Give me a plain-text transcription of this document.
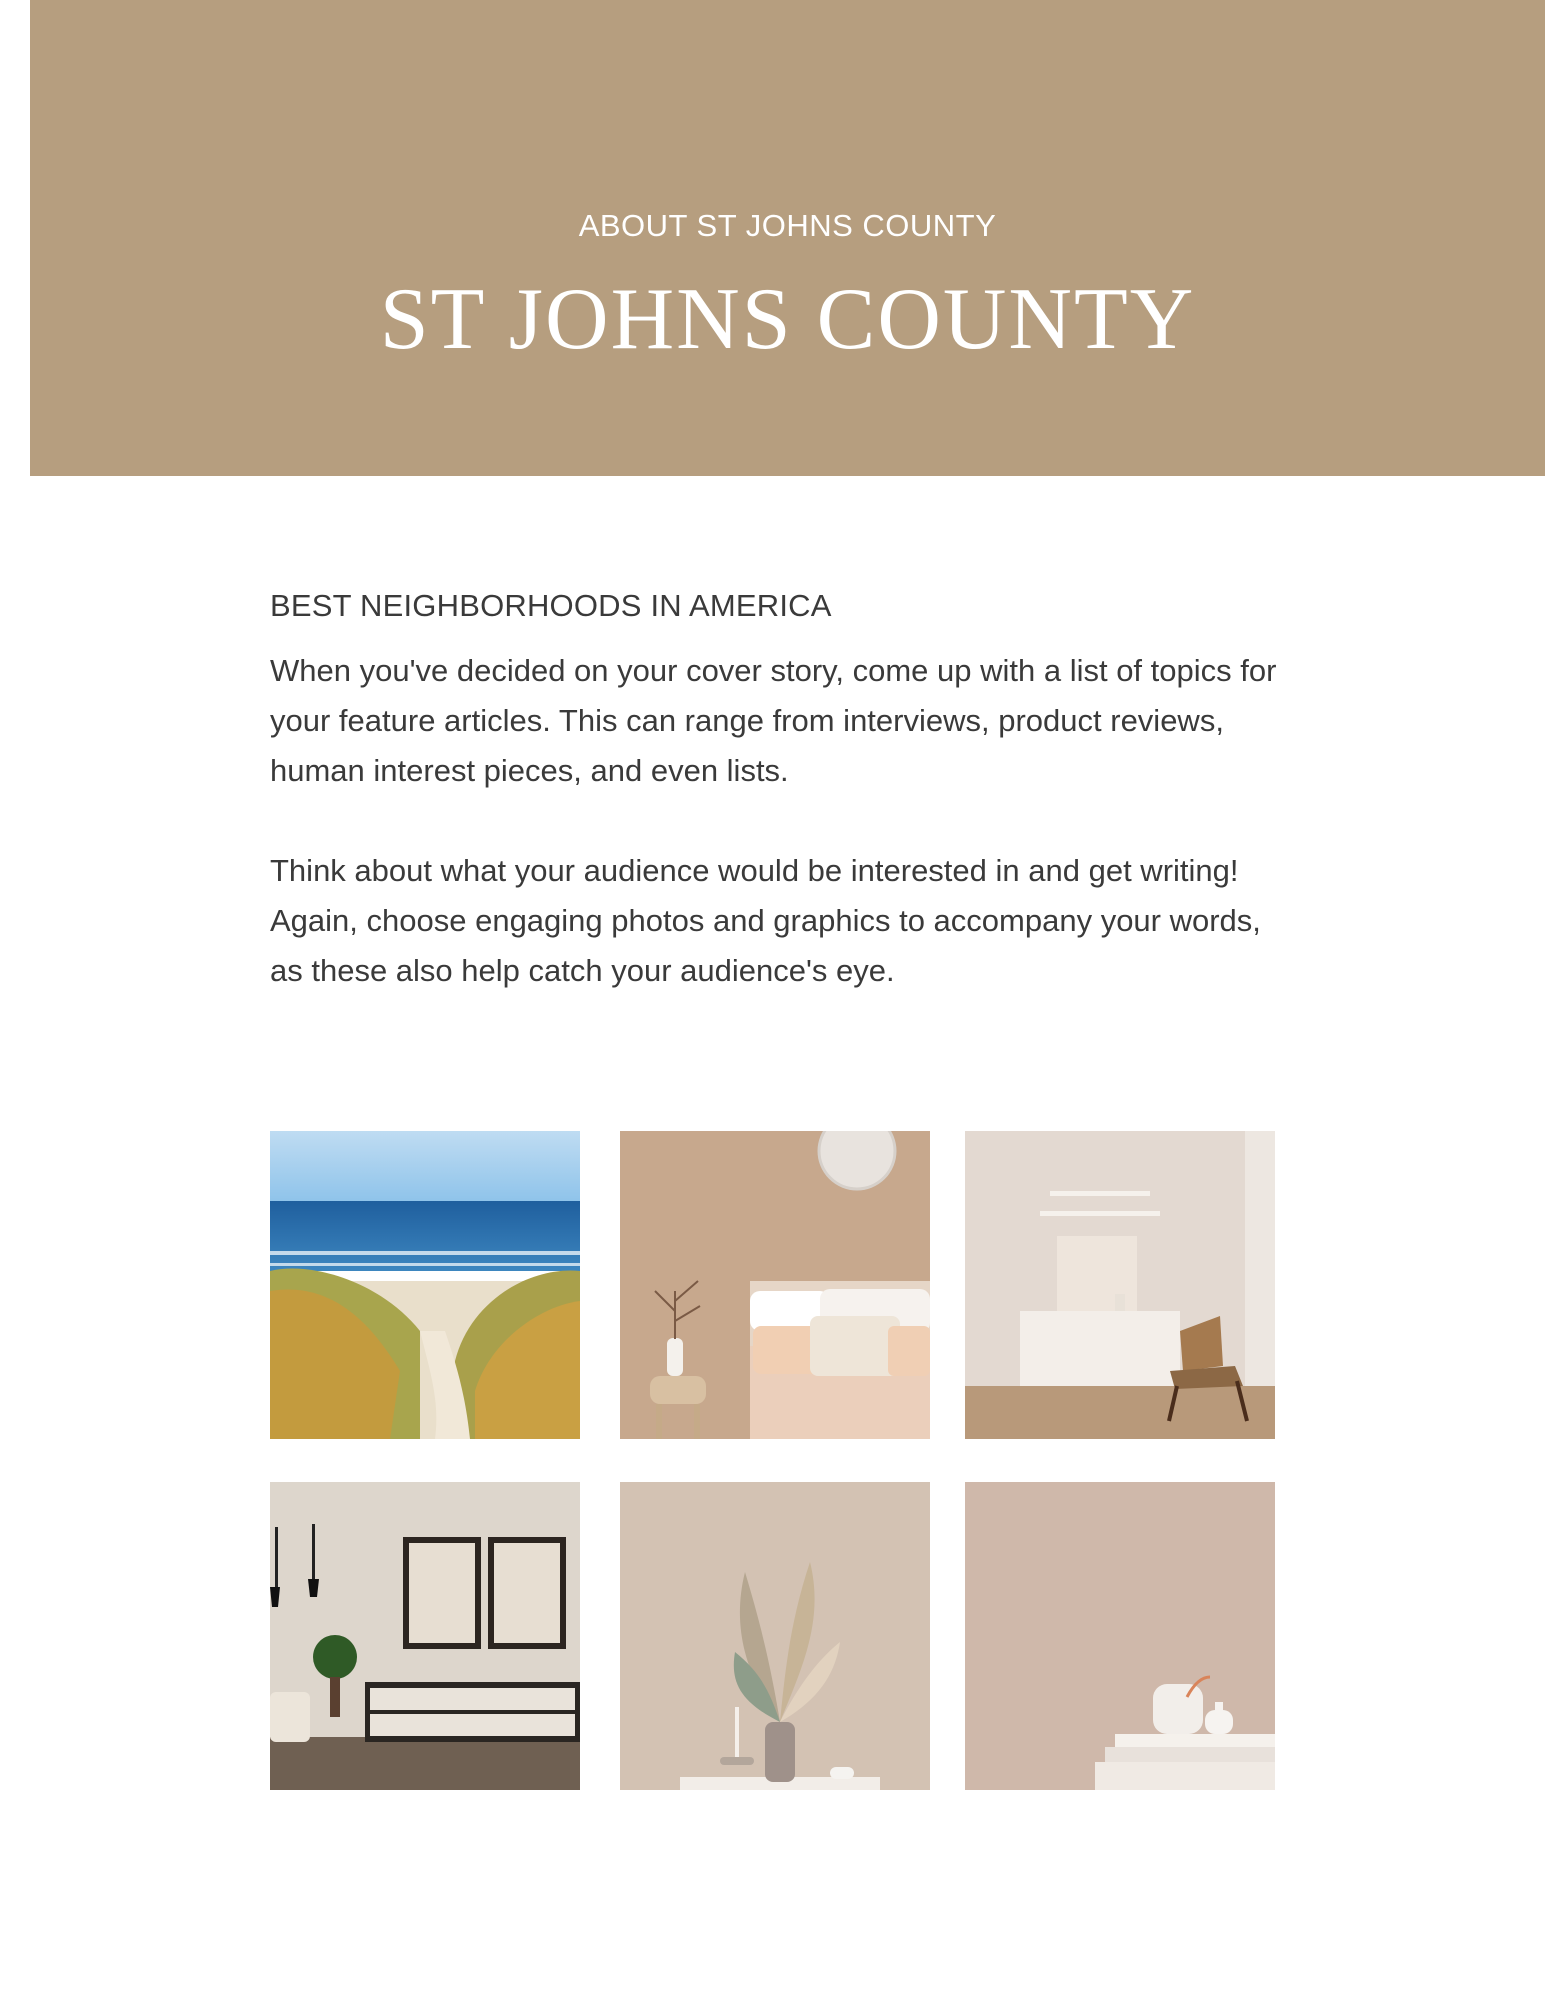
ABOUT ST JOHNS COUNTY
ST JOHNS COUNTY
BEST NEIGHBORHOODS IN AMERICA

When you've decided on your cover story, come up with a list of topics for your feature articles. This can range from interviews, product reviews, human interest pieces, and even lists.

Think about what your audience would be interested in and get writing! Again, choose engaging photos and graphics to accompany your words, as these also help catch your audience's eye.
